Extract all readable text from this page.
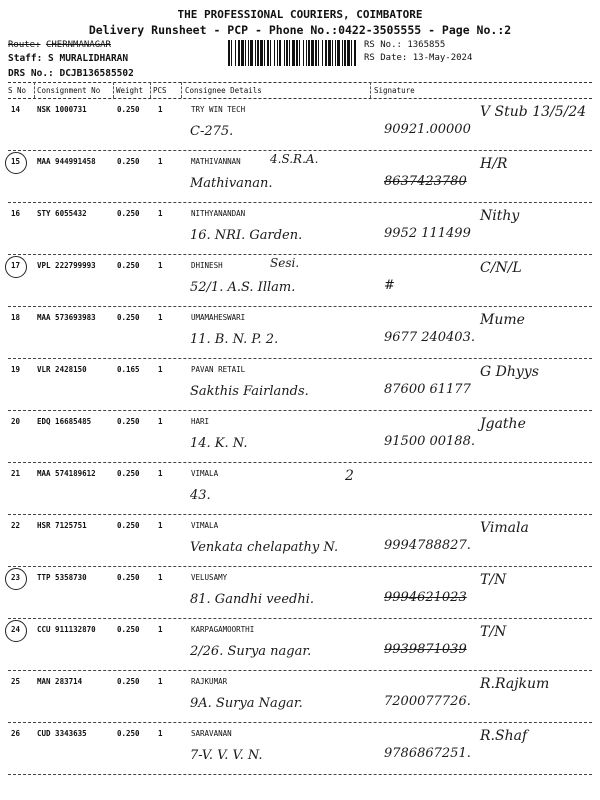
THE PROFESSIONAL COURIERS, COIMBATORE
Delivery Runsheet - PCP - Phone No.:0422-3505555 - Page No.:2
Route: CHERNMANAGAR
Staff: S MURALIDHARAN
DRS No.: DCJB136585502
RS No.: 1365855
RS Date: 13-May-2024
S No Consignment No Weight PCS Consignee Details	Signature
14 NSK 1000731	0.250 1	TRY WIN TECH
C-275.	90921.00000
V Stub 13/5/24
15 MAA 944991458	0.250 1	MATHIVANNAN 4.S.R.A.
Mathivanan.	8637423780
H/R
16 STY 6055432	0.250 1	NITHYANANDAN
16. NRI. Garden.	9952 111499
Nithy
17 VPL 222799993	0.250 1	DHINESH	Sesi.
52/1. A.S. Illam.	#
C/N/L
18 MAA 573693983	0.250 1	UMAMAHESWARI
11. B. N. P. 2.	9677 240403.
Mume
19 VLR 2428150	0.165 1	PAVAN RETAIL
Sakthis Fairlands.	87600 61177
G Dhyys
20 EDQ 16685485	0.250 1	HARI
14. K. N.	91500 00188.
Jgathe
21 MAA 574189612	0.250 1	VIMALA
43.
2
22 HSR 7125751	0.250 1	VIMALA
Venkata chelapathy N.	9994788827.
Vimala
23 TTP 5358730	0.250 1	VELUSAMY
81. Gandhi veedhi.	9994621023
T/N
24 CCU 911132870	0.250 1	KARPAGAMOORTHI
2/26. Surya nagar.	9939871039
T/N
25 MAN 283714	0.250 1	RAJKUMAR
9A. Surya Nagar.	7200077726.
R.Rajkum
26 CUD 3343635	0.250 1	SARAVANAN
7-V. V. V. N.	9786867251.
R.Shaf
